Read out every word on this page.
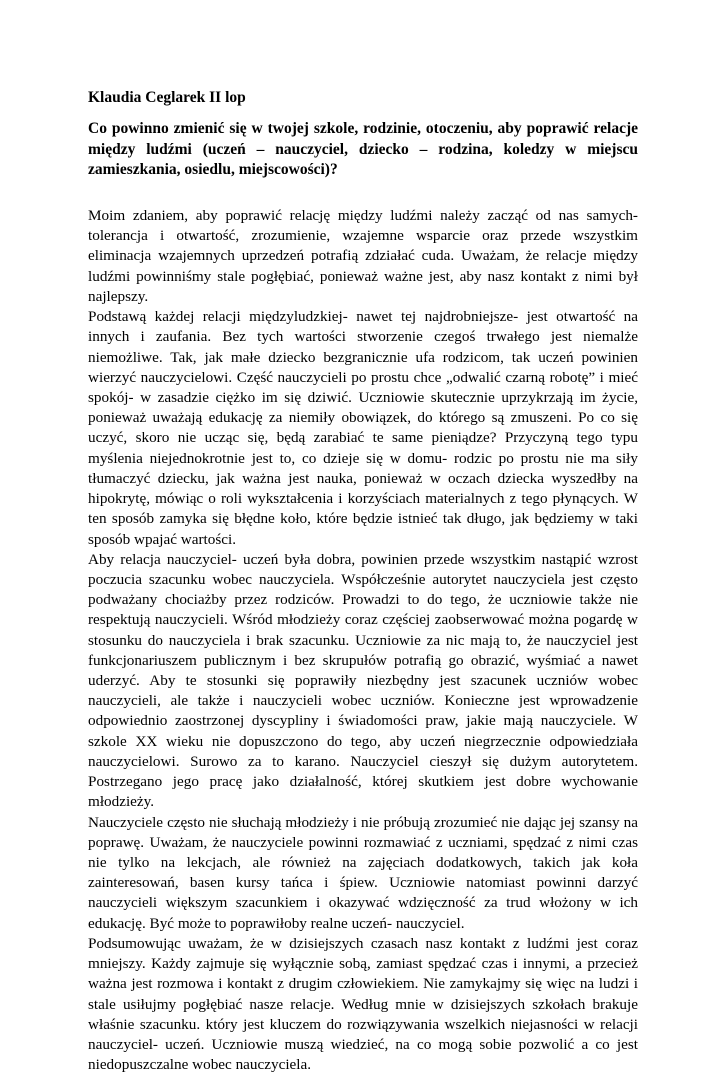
Klaudia Ceglarek II lop

Co powinno zmienić się w twojej szkole, rodzinie, otoczeniu, aby poprawić relacje między ludźmi (uczeń – nauczyciel, dziecko – rodzina, koledzy w miejscu zamieszkania, osiedlu, miejscowości)?

Moim zdaniem, aby poprawić relację między ludźmi należy zacząć od nas samych- tolerancja i otwartość, zrozumienie, wzajemne wsparcie oraz przede wszystkim eliminacja wzajemnych uprzedzeń potrafią zdziałać cuda. Uważam, że relacje między ludźmi powinniśmy stale pogłębiać, ponieważ ważne jest, aby nasz kontakt z nimi był najlepszy.

Podstawą każdej relacji międzyludzkiej- nawet tej najdrobniejsze- jest otwartość na innych i zaufania. Bez tych wartości stworzenie czegoś trwałego jest niemalże niemożliwe. Tak, jak małe dziecko bezgranicznie ufa rodzicom, tak uczeń powinien wierzyć nauczycielowi. Część nauczycieli po prostu chce „odwalić czarną robotę” i mieć spokój- w zasadzie ciężko im się dziwić. Uczniowie skutecznie uprzykrzają im życie, ponieważ uważają edukację za niemiły obowiązek, do którego są zmuszeni. Po co się uczyć, skoro nie ucząc się, będą zarabiać te same pieniądze? Przyczyną tego typu myślenia niejednokrotnie jest to, co dzieje się w domu- rodzic po prostu nie ma siły tłumaczyć dziecku, jak ważna jest nauka, ponieważ w oczach dziecka wyszedłby na hipokrytę, mówiąc o roli wykształcenia i korzyściach materialnych z tego płynących. W ten sposób zamyka się błędne koło, które będzie istnieć tak długo, jak będziemy w taki sposób wpajać wartości.

Aby relacja nauczyciel- uczeń była dobra, powinien przede wszystkim nastąpić wzrost poczucia szacunku wobec nauczyciela. Współcześnie autorytet nauczyciela jest często podważany chociażby przez rodziców. Prowadzi to do tego, że uczniowie także nie respektują nauczycieli. Wśród młodzieży coraz częściej zaobserwować można pogardę w stosunku do nauczyciela i brak szacunku. Uczniowie za nic mają to, że nauczyciel jest funkcjonariuszem publicznym i bez skrupułów potrafią go obrazić, wyśmiać a nawet uderzyć. Aby te stosunki się poprawiły niezbędny jest szacunek uczniów wobec nauczycieli, ale także i nauczycieli wobec uczniów. Konieczne jest wprowadzenie odpowiednio zaostrzonej dyscypliny i świadomości praw, jakie mają nauczyciele. W szkole XX wieku nie dopuszczono do tego, aby uczeń niegrzecznie odpowiedziała nauczycielowi. Surowo za to karano. Nauczyciel cieszył się dużym autorytetem. Postrzegano jego pracę jako działalność, której skutkiem jest dobre wychowanie młodzieży.

Nauczyciele często nie słuchają młodzieży i nie próbują zrozumieć nie dając jej szansy na poprawę. Uważam, że nauczyciele powinni rozmawiać z uczniami, spędzać z nimi czas nie tylko na lekcjach, ale również na zajęciach dodatkowych, takich jak koła zainteresowań, basen kursy tańca i śpiew. Uczniowie natomiast powinni darzyć nauczycieli większym szacunkiem i okazywać wdzięczność za trud włożony w ich edukację. Być może to poprawiłoby realne uczeń- nauczyciel.

Podsumowując uważam, że w dzisiejszych czasach nasz kontakt z ludźmi jest coraz mniejszy. Każdy zajmuje się wyłącznie sobą, zamiast spędzać czas i innymi, a przecież ważna jest rozmowa i kontakt z drugim człowiekiem. Nie zamykajmy się więc na ludzi i stale usiłujmy pogłębiać nasze relacje. Według mnie w dzisiejszych szkołach brakuje właśnie szacunku. który jest kluczem do rozwiązywania wszelkich niejasności w relacji nauczyciel- uczeń. Uczniowie muszą wiedzieć, na co mogą sobie pozwolić a co jest niedopuszczalne wobec nauczyciela.
